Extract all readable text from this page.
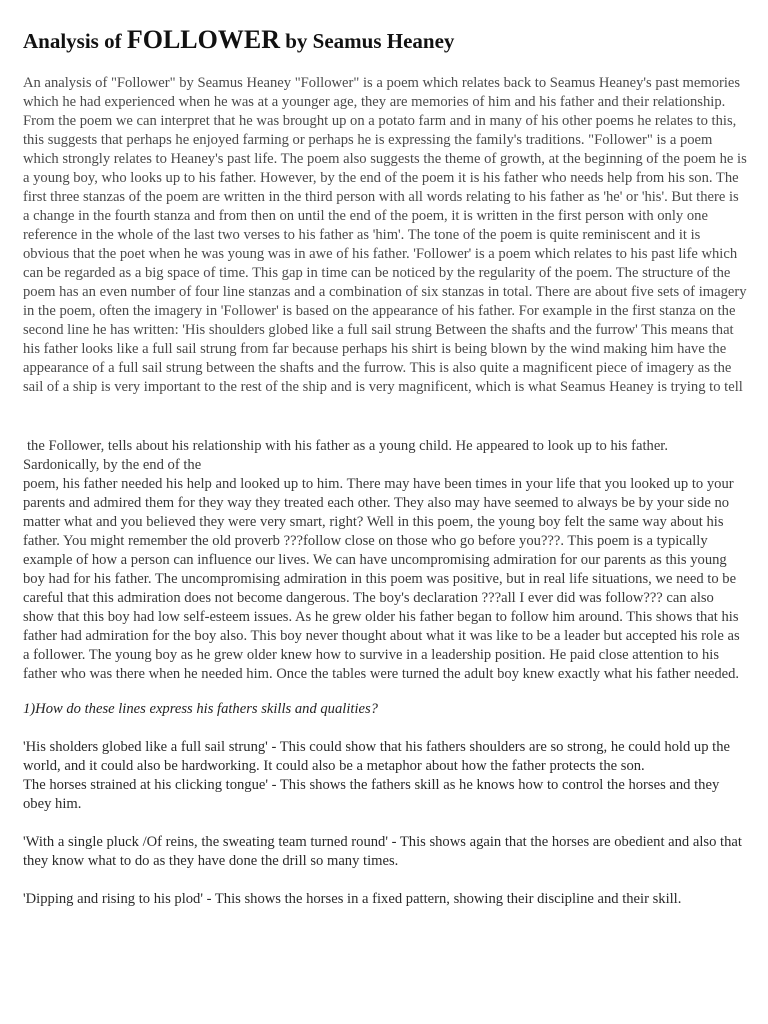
Analysis of FOLLOWER by Seamus Heaney

An analysis of "Follower" by Seamus Heaney "Follower" is a poem which relates back to Seamus Heaney's past memories which he had experienced when he was at a younger age, they are memories of him and his father and their relationship. From the poem we can interpret that he was brought up on a potato farm and in many of his other poems he relates to this, this suggests that perhaps he enjoyed farming or perhaps he is expressing the family's traditions. "Follower" is a poem which strongly relates to Heaney's past life. The poem also suggests the theme of growth, at the beginning of the poem he is a young boy, who looks up to his father. However, by the end of the poem it is his father who needs help from his son. The first three stanzas of the poem are written in the third person with all words relating to his father as 'he' or 'his'. But there is a change in the fourth stanza and from then on until the end of the poem, it is written in the first person with only one reference in the whole of the last two verses to his father as 'him'. The tone of the poem is quite reminiscent and it is obvious that the poet when he was young was in awe of his father. 'Follower' is a poem which relates to his past life which can be regarded as a big space of time. This gap in time can be noticed by the regularity of the poem. The structure of the poem has an even number of four line stanzas and a combination of six stanzas in total. There are about five sets of imagery in the poem, often the imagery in 'Follower' is based on the appearance of his father. For example in the first stanza on the second line he has written: 'His shoulders globed like a full sail strung Between the shafts and the furrow' This means that his father looks like a full sail strung from far because perhaps his shirt is being blown by the wind making him have the appearance of a full sail strung between the shafts and the furrow. This is also quite a magnificent piece of imagery as the sail of a ship is very important to the rest of the ship and is very magnificent, which is what Seamus Heaney is trying to tell

the Follower, tells about his relationship with his father as a young child. He appeared to look up to his father. Sardonically, by the end of the
poem, his father needed his help and looked up to him. There may have been times in your life that you looked up to your parents and admired them for they way they treated each other. They also may have seemed to always be by your side no matter what and you believed they were very smart, right? Well in this poem, the young boy felt the same way about his father. You might remember the old proverb ???follow close on those who go before you???. This poem is a typically example of how a person can influence our lives. We can have uncompromising admiration for our parents as this young boy had for his father. The uncompromising admiration in this poem was positive, but in real life situations, we need to be careful that this admiration does not become dangerous. The boy's declaration ???all I ever did was follow??? can also show that this boy had low self-esteem issues. As he grew older his father began to follow him around. This shows that his father had admiration for the boy also. This boy never thought about what it was like to be a leader but accepted his role as a follower. The young boy as he grew older knew how to survive in a leadership position. He paid close attention to his father who was there when he needed him. Once the tables were turned the adult boy knew exactly what his father needed.

1)How do these lines express his fathers skills and qualities?

'His sholders globed like a full sail strung' - This could show that his fathers shoulders are so strong, he could hold up the world, and it could also be hardworking. It could also be a metaphor about how the father protects the son.
The horses strained at his clicking tongue' - This shows the fathers skill as he knows how to control the horses and they obey him.

'With a single pluck /Of reins, the sweating team turned round' - This shows again that the horses are obedient and also that they know what to do as they have done the drill so many times.

'Dipping and rising to his plod' - This shows the horses in a fixed pattern, showing their discipline and their skill.
